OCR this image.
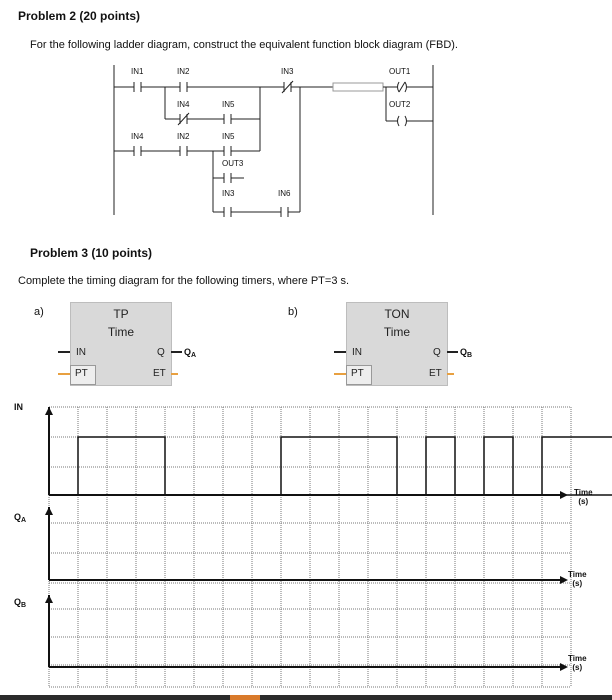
Problem 2 (20 points)
For the following ladder diagram, construct the equivalent function block diagram (FBD).
IN1	IN2	IN3	OUT1
IN4	IN5	OUT2
IN4	IN2	IN5
OUT3
IN3	IN6
Problem 3 (10 points)
Complete the timing diagram for the following timers, where PT=3 s.
a)	TP
Time
IN	Q
PT	ET
$Q_A$
b)	TON
Time
IN	Q
PT	ET
$Q_B$
IN
$Q_A$
$Q_B$
Time
(s)
Time
(s)
Time
(s)
